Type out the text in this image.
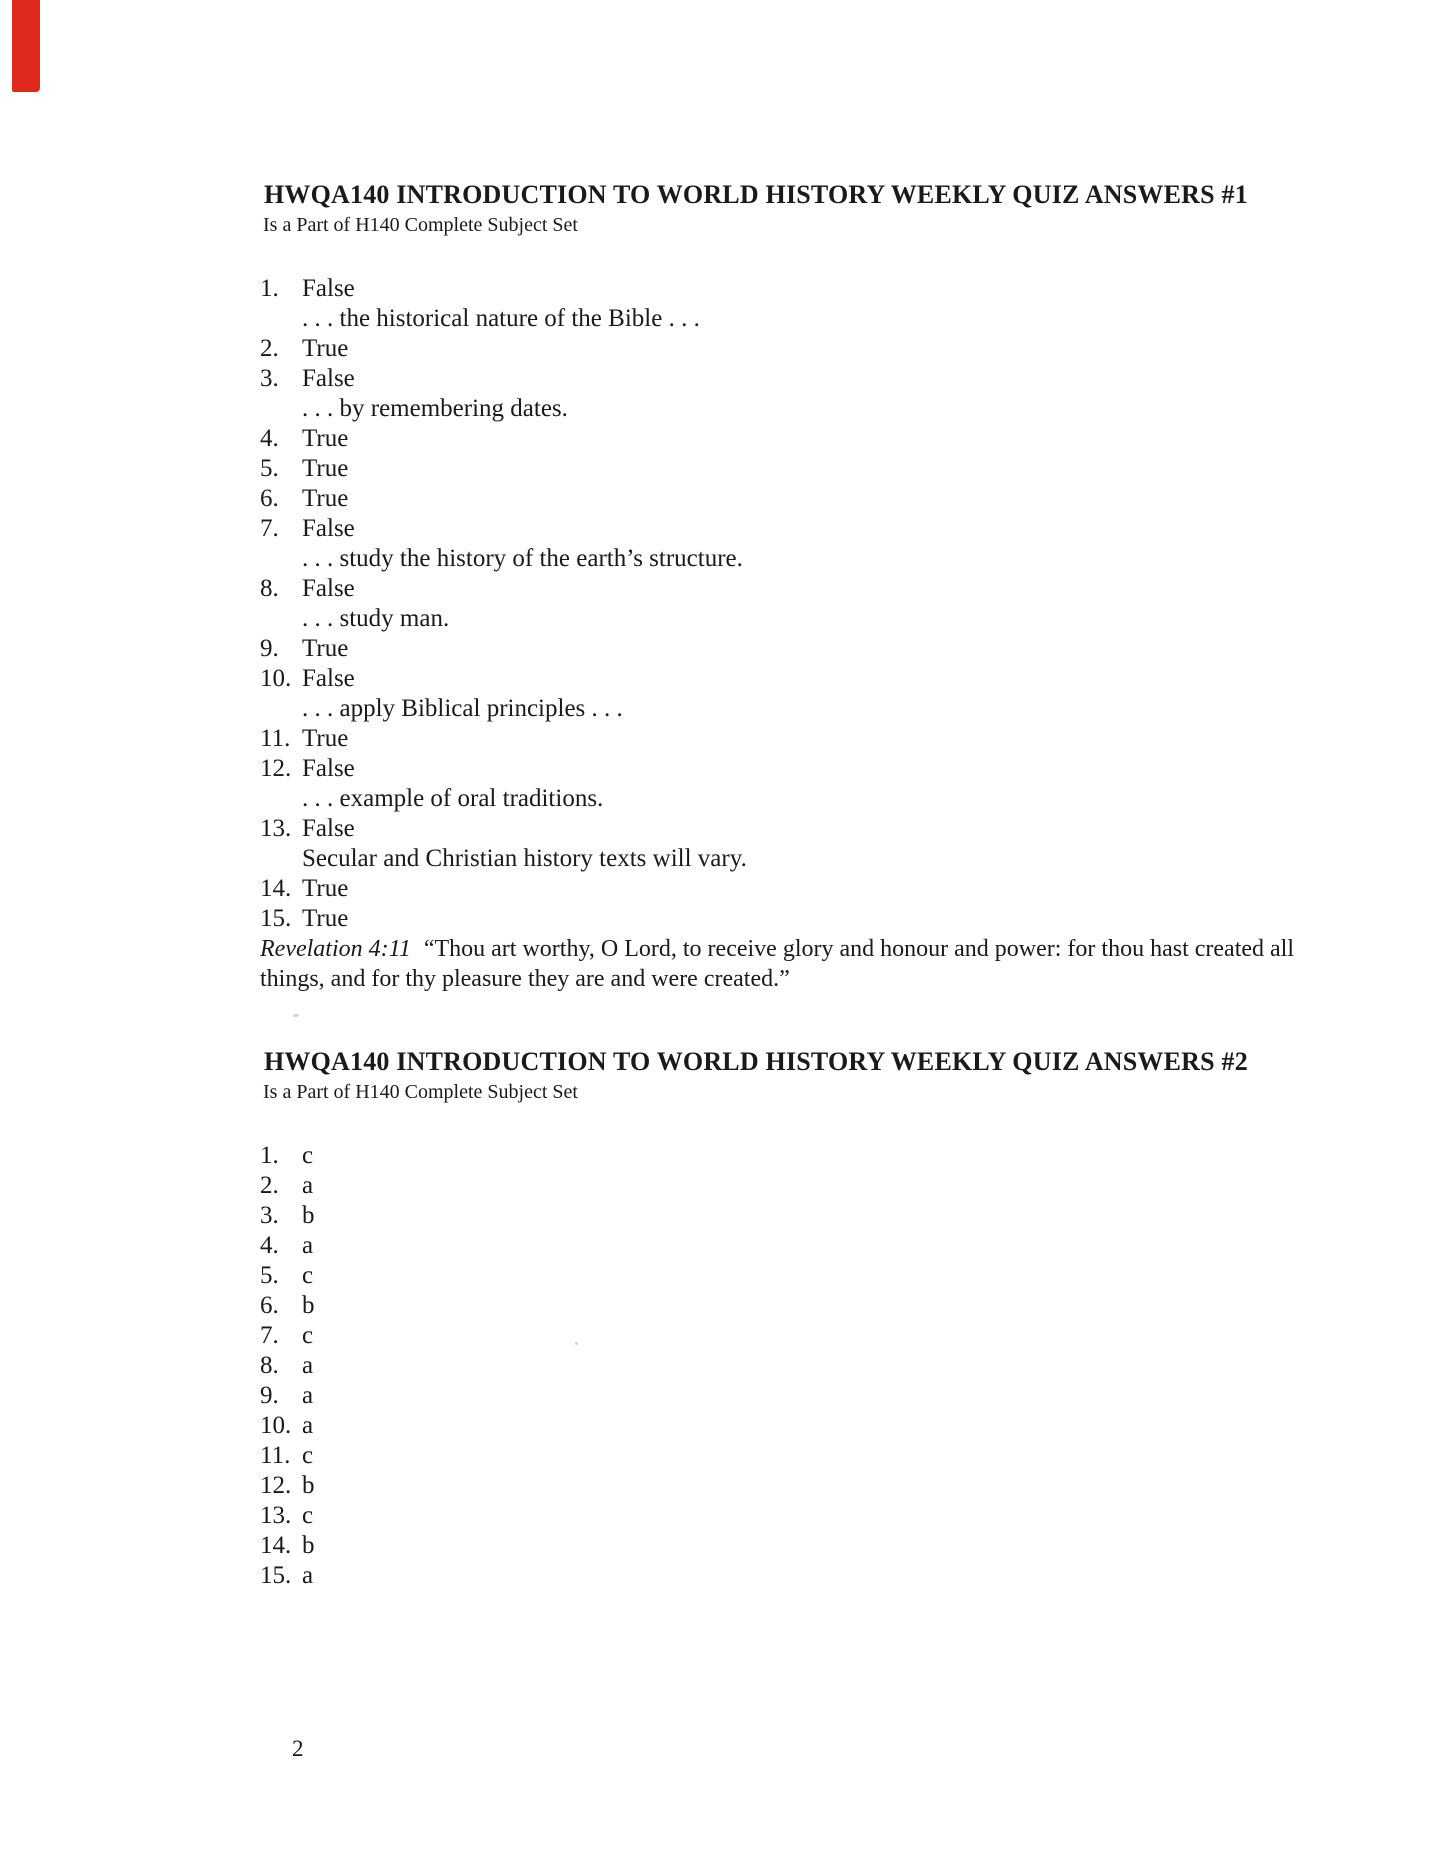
HWQA140 INTRODUCTION TO WORLD HISTORY WEEKLY QUIZ ANSWERS #1
Is a Part of H140 Complete Subject Set
1. False
. . . the historical nature of the Bible . . .
2. True
3. False
. . . by remembering dates.
4. True
5. True
6. True
7. False
. . . study the history of the earth’s structure.
8. False
. . . study man.
9. True
10. False
. . . apply Biblical principles . . .
11. True
12. False
. . . example of oral traditions.
13. False
Secular and Christian history texts will vary.
14. True
15. True

Revelation 4:11 “Thou art worthy, O Lord, to receive glory and honour and power: for thou hast created all things, and for thy pleasure they are and were created.”

HWQA140 INTRODUCTION TO WORLD HISTORY WEEKLY QUIZ ANSWERS #2
Is a Part of H140 Complete Subject Set
1. c
2. a
3. b
4. a
5. c
6. b
7. c
8. a
9. a
10. a
11. c
12. b
13. c
14. b
15. a
2
